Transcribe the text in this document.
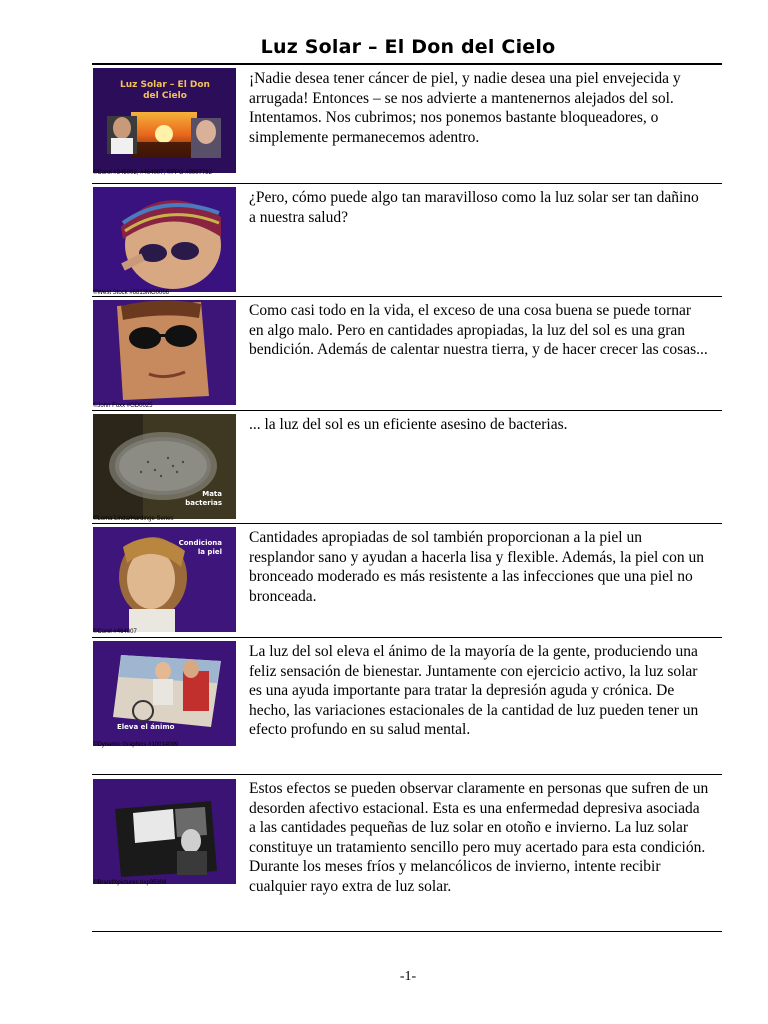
Luz Solar – El Don del Cielo
Luz Solar – El Don del Cielo
©Corel #345002, #464007, ©FPG #0007782
¡Nadie desea tener cáncer de piel, y nadie desea una piel envejecida y arrugada! Entonces – se nos advierte a mantenernos alejados del sol. Intentamos. Nos cubrimos; nos ponemos bastante bloqueadores, o simplemente permanecemos adentro.
©West Stock #6813MG0066
¿Pero, cómo puede algo tan maravilloso como la luz solar ser tan dañino a nuestra salud?
©John Foxx #GD0025
Como casi todo en la vida, el exceso de una cosa buena se puede tornar en algo malo. Pero en cantidades apropiadas, la luz del sol es una gran bendición. Además de calentar nuestra tierra, y de hacer crecer las cosas...
Mata bacterias
©Loma Linda/Hardinge Series
... la luz del sol es un eficiente asesino de bacterias.
Condiciona la piel
©Corel #464007
Cantidades apropiadas de sol también proporcionan a la piel un resplandor sano y ayudan a hacerla lisa y flexible. Además, la piel con un bronceado moderado es más resistente a las infecciones que una piel no bronceada.
Eleva el ánimo
©Dynamic Graphics #10014099
La luz del sol eleva el ánimo de la mayoría de la gente, produciendo una feliz sensación de bienestar. Juntamente con ejercicio activo, la luz solar es una ayuda importante para tratar la depresión aguda y crónica. De hecho, las variaciones estacionales de la cantidad de luz pueden tener un efecto profundo en su salud mental.
©BrandXpictures bxp35308
Estos efectos se pueden observar claramente en personas que sufren de un desorden afectivo estacional. Esta es una enfermedad depresiva asociada a las cantidades pequeñas de luz solar en otoño e invierno. La luz solar constituye un tratamiento sencillo pero muy acertado para esta condición. Durante los meses fríos y melancólicos de invierno, intente recibir cualquier rayo extra de luz solar.
-1-
